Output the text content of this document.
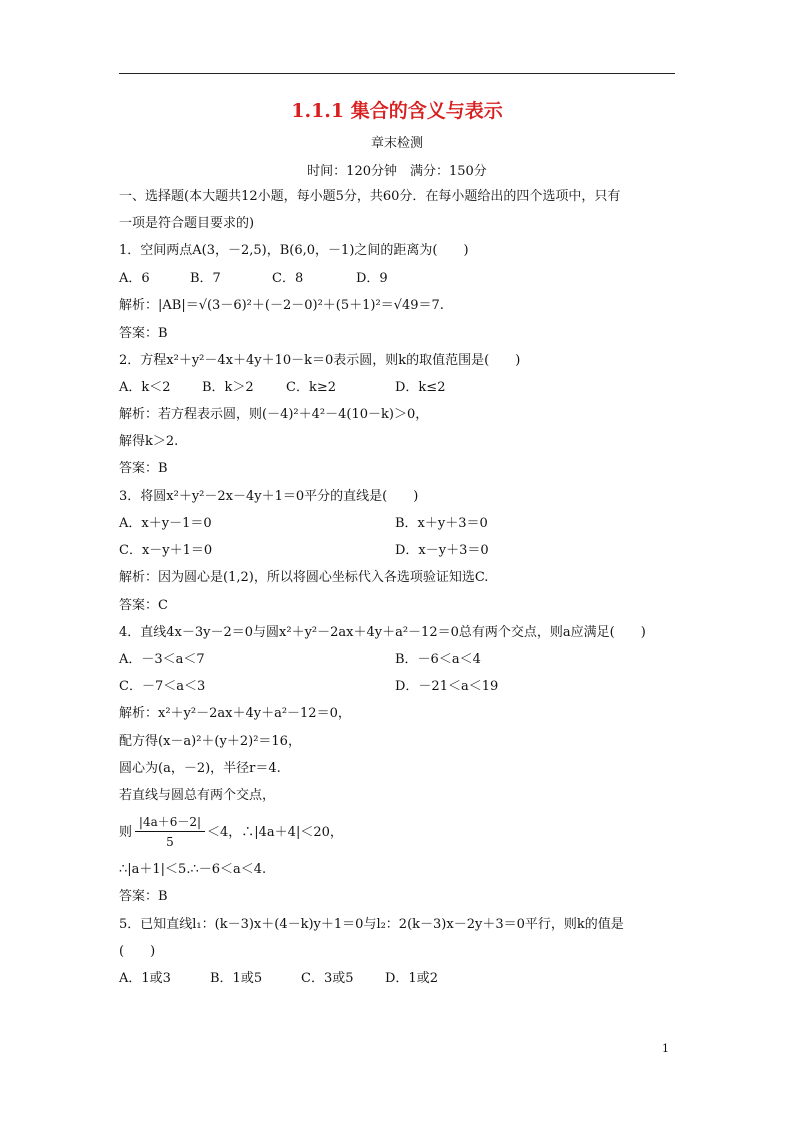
1.1.1 集合的含义与表示
章末检测
时间：120分钟　满分：150分
一、选择题(本大题共12小题，每小题5分，共60分．在每小题给出的四个选项中，只有
一项是符合题目要求的)
1．空间两点A(3，－2,5)，B(6,0，－1)之间的距离为(　　)
A．6	B．7	C．8	D．9
解析：|AB|＝√(3－6)²＋(－2－0)²＋(5＋1)²＝√49＝7.
答案：B
2．方程x²＋y²－4x＋4y＋10－k＝0表示圆，则k的取值范围是(　　)
A．k＜2 B．k＞2 C．k≥2	D．k≤2
解析：若方程表示圆，则(－4)²＋4²－4(10－k)＞0，
解得k＞2.
答案：B
3．将圆x²＋y²－2x－4y＋1＝0平分的直线是(　　)
A．x＋y－1＝0	B．x＋y＋3＝0
C．x－y＋1＝0	D．x－y＋3＝0
解析：因为圆心是(1,2)，所以将圆心坐标代入各选项验证知选C.
答案：C
4．直线4x－3y－2＝0与圆x²＋y²－2ax＋4y＋a²－12＝0总有两个交点，则a应满足(　　)
A．－3＜a＜7	B．－6＜a＜4
C．－7＜a＜3	D．－21＜a＜19
解析：x²＋y²－2ax＋4y＋a²－12＝0，
配方得(x－a)²＋(y＋2)²＝16，
圆心为(a，－2)，半径r＝4.
若直线与圆总有两个交点，
则 $\frac{|4a+6-2|}{5} <4$，∴|4a＋4|＜20，
∴|a＋1|＜5.∴－6＜a＜4.
答案：B
5．已知直线l₁：(k－3)x＋(4－k)y＋1＝0与l₂：2(k－3)x－2y＋3＝0平行，则k的值是
(　　)
A．1或3	B．1或5	C．3或5 D．1或2
1
